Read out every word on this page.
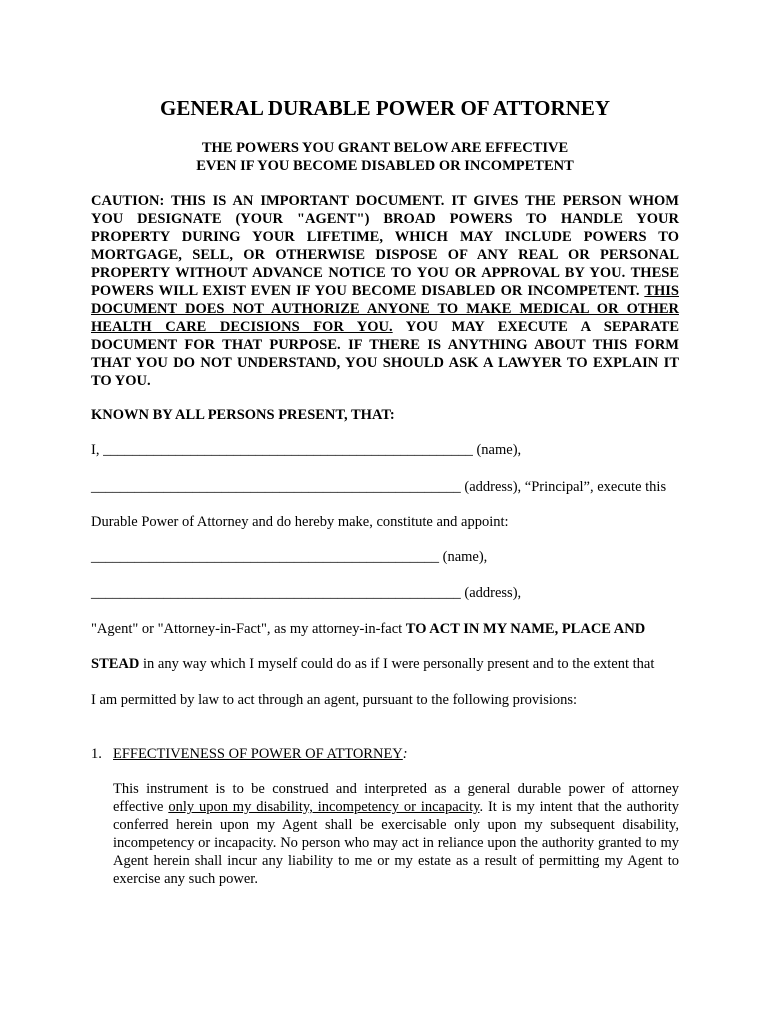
GENERAL DURABLE POWER OF ATTORNEY
THE POWERS YOU GRANT BELOW ARE EFFECTIVE
EVEN IF YOU BECOME DISABLED OR INCOMPETENT

CAUTION: THIS IS AN IMPORTANT DOCUMENT. IT GIVES THE PERSON WHOM YOU DESIGNATE (YOUR "AGENT") BROAD POWERS TO HANDLE YOUR PROPERTY DURING YOUR LIFETIME, WHICH MAY INCLUDE POWERS TO MORTGAGE, SELL, OR OTHERWISE DISPOSE OF ANY REAL OR PERSONAL PROPERTY WITHOUT ADVANCE NOTICE TO YOU OR APPROVAL BY YOU. THESE POWERS WILL EXIST EVEN IF YOU BECOME DISABLED OR INCOMPETENT. THIS DOCUMENT DOES NOT AUTHORIZE ANYONE TO MAKE MEDICAL OR OTHER HEALTH CARE DECISIONS FOR YOU. YOU MAY EXECUTE A SEPARATE DOCUMENT FOR THAT PURPOSE. IF THERE IS ANYTHING ABOUT THIS FORM THAT YOU DO NOT UNDERSTAND, YOU SHOULD ASK A LAWYER TO EXPLAIN IT TO YOU.

KNOWN BY ALL PERSONS PRESENT, THAT:
I, ___________________________________________________ (name),
___________________________________________________ (address), “Principal”, execute this
Durable Power of Attorney and do hereby make, constitute and appoint:
________________________________________________ (name),
___________________________________________________ (address),
"Agent" or "Attorney-in-Fact", as my attorney-in-fact TO ACT IN MY NAME, PLACE AND
STEAD in any way which I myself could do as if I were personally present and to the extent that
I am permitted by law to act through an agent, pursuant to the following provisions:
1. EFFECTIVENESS OF POWER OF ATTORNEY:

This instrument is to be construed and interpreted as a general durable power of attorney effective only upon my disability, incompetency or incapacity. It is my intent that the authority conferred herein upon my Agent shall be exercisable only upon my subsequent disability, incompetency or incapacity. No person who may act in reliance upon the authority granted to my Agent herein shall incur any liability to me or my estate as a result of permitting my Agent to exercise any such power.
